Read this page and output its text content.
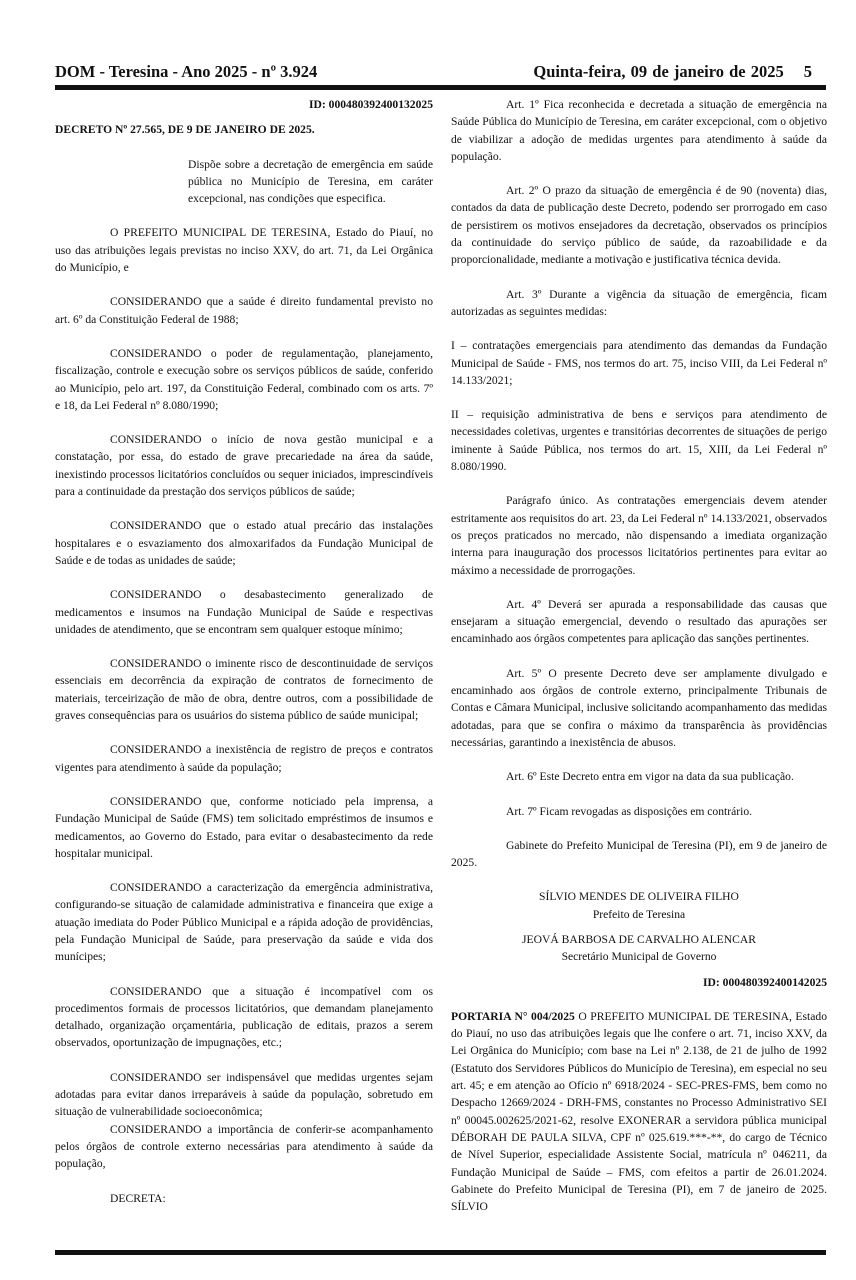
DOM - Teresina - Ano 2025 - nº 3.924	Quinta-feira, 09 de janeiro de 2025 5

ID: 000480392400132025

DECRETO Nº 27.565, DE 9 DE JANEIRO DE 2025.

Dispõe sobre a decretação de emergência em saúde pública no Município de Teresina, em caráter excepcional, nas condições que especifica.

O PREFEITO MUNICIPAL DE TERESINA, Estado do Piauí, no uso das atribuições legais previstas no inciso XXV, do art. 71, da Lei Orgânica do Município, e

CONSIDERANDO que a saúde é direito fundamental previsto no art. 6º da Constituição Federal de 1988;

CONSIDERANDO o poder de regulamentação, planejamento, fiscalização, controle e execução sobre os serviços públicos de saúde, conferido ao Município, pelo art. 197, da Constituição Federal, combinado com os arts. 7º e 18, da Lei Federal nº 8.080/1990;

CONSIDERANDO o início de nova gestão municipal e a constatação, por essa, do estado de grave precariedade na área da saúde, inexistindo processos licitatórios concluídos ou sequer iniciados, imprescindíveis para a continuidade da prestação dos serviços públicos de saúde;

CONSIDERANDO que o estado atual precário das instalações hospitalares e o esvaziamento dos almoxarifados da Fundação Municipal de Saúde e de todas as unidades de saúde;

CONSIDERANDO o desabastecimento generalizado de medicamentos e insumos na Fundação Municipal de Saúde e respectivas unidades de atendimento, que se encontram sem qualquer estoque mínimo;

CONSIDERANDO o iminente risco de descontinuidade de serviços essenciais em decorrência da expiração de contratos de fornecimento de materiais, terceirização de mão de obra, dentre outros, com a possibilidade de graves consequências para os usuários do sistema público de saúde municipal;

CONSIDERANDO a inexistência de registro de preços e contratos vigentes para atendimento à saúde da população;

CONSIDERANDO que, conforme noticiado pela imprensa, a Fundação Municipal de Saúde (FMS) tem solicitado empréstimos de insumos e medicamentos, ao Governo do Estado, para evitar o desabastecimento da rede hospitalar municipal.

CONSIDERANDO a caracterização da emergência administrativa, configurando-se situação de calamidade administrativa e financeira que exige a atuação imediata do Poder Público Municipal e a rápida adoção de providências, pela Fundação Municipal de Saúde, para preservação da saúde e vida dos munícipes;

CONSIDERANDO que a situação é incompatível com os procedimentos formais de processos licitatórios, que demandam planejamento detalhado, organização orçamentária, publicação de editais, prazos a serem observados, oportunização de impugnações, etc.;

CONSIDERANDO ser indispensável que medidas urgentes sejam adotadas para evitar danos irreparáveis à saúde da população, sobretudo em situação de vulnerabilidade socioeconômica;

CONSIDERANDO a importância de conferir-se acompanhamento pelos órgãos de controle externo necessárias para atendimento à saúde da população,

DECRETA:

Art. 1º Fica reconhecida e decretada a situação de emergência na Saúde Pública do Município de Teresina, em caráter excepcional, com o objetivo de viabilizar a adoção de medidas urgentes para atendimento à saúde da população.

Art. 2º O prazo da situação de emergência é de 90 (noventa) dias, contados da data de publicação deste Decreto, podendo ser prorrogado em caso de persistirem os motivos ensejadores da decretação, observados os princípios da continuidade do serviço público de saúde, da razoabilidade e da proporcionalidade, mediante a motivação e justificativa técnica devida.

Art. 3º Durante a vigência da situação de emergência, ficam autorizadas as seguintes medidas:

I – contratações emergenciais para atendimento das demandas da Fundação Municipal de Saúde - FMS, nos termos do art. 75, inciso VIII, da Lei Federal nº 14.133/2021;

II – requisição administrativa de bens e serviços para atendimento de necessidades coletivas, urgentes e transitórias decorrentes de situações de perigo iminente à Saúde Pública, nos termos do art. 15, XIII, da Lei Federal nº 8.080/1990.

Parágrafo único. As contratações emergenciais devem atender estritamente aos requisitos do art. 23, da Lei Federal nº 14.133/2021, observados os preços praticados no mercado, não dispensando a imediata organização interna para inauguração dos processos licitatórios pertinentes para evitar ao máximo a necessidade de prorrogações.

Art. 4º Deverá ser apurada a responsabilidade das causas que ensejaram a situação emergencial, devendo o resultado das apurações ser encaminhado aos órgãos competentes para aplicação das sanções pertinentes.

Art. 5º O presente Decreto deve ser amplamente divulgado e encaminhado aos órgãos de controle externo, principalmente Tribunais de Contas e Câmara Municipal, inclusive solicitando acompanhamento das medidas adotadas, para que se confira o máximo da transparência às providências necessárias, garantindo a inexistência de abusos.

Art. 6º Este Decreto entra em vigor na data da sua publicação.

Art. 7º Ficam revogadas as disposições em contrário.

Gabinete do Prefeito Municipal de Teresina (PI), em 9 de janeiro de 2025.

SÍLVIO MENDES DE OLIVEIRA FILHO

Prefeito de Teresina

JEOVÁ BARBOSA DE CARVALHO ALENCAR

Secretário Municipal de Governo

ID: 000480392400142025

PORTARIA N° 004/2025 O PREFEITO MUNICIPAL DE TERESINA, Estado do Piauí, no uso das atribuições legais que lhe confere o art. 71, inciso XXV, da Lei Orgânica do Município; com base na Lei nº 2.138, de 21 de julho de 1992 (Estatuto dos Servidores Públicos do Município de Teresina), em especial no seu art. 45; e em atenção ao Ofício nº 6918/2024 - SEC-PRES-FMS, bem como no Despacho 12669/2024 - DRH-FMS, constantes no Processo Administrativo SEI nº 00045.002625/2021-62, resolve EXONERAR a servidora pública municipal DÉBORAH DE PAULA SILVA, CPF nº 025.619.***-**, do cargo de Técnico de Nível Superior, especialidade Assistente Social, matrícula nº 046211, da Fundação Municipal de Saúde – FMS, com efeitos a partir de 26.01.2024. Gabinete do Prefeito Municipal de Teresina (PI), em 7 de janeiro de 2025. SÍLVIO
